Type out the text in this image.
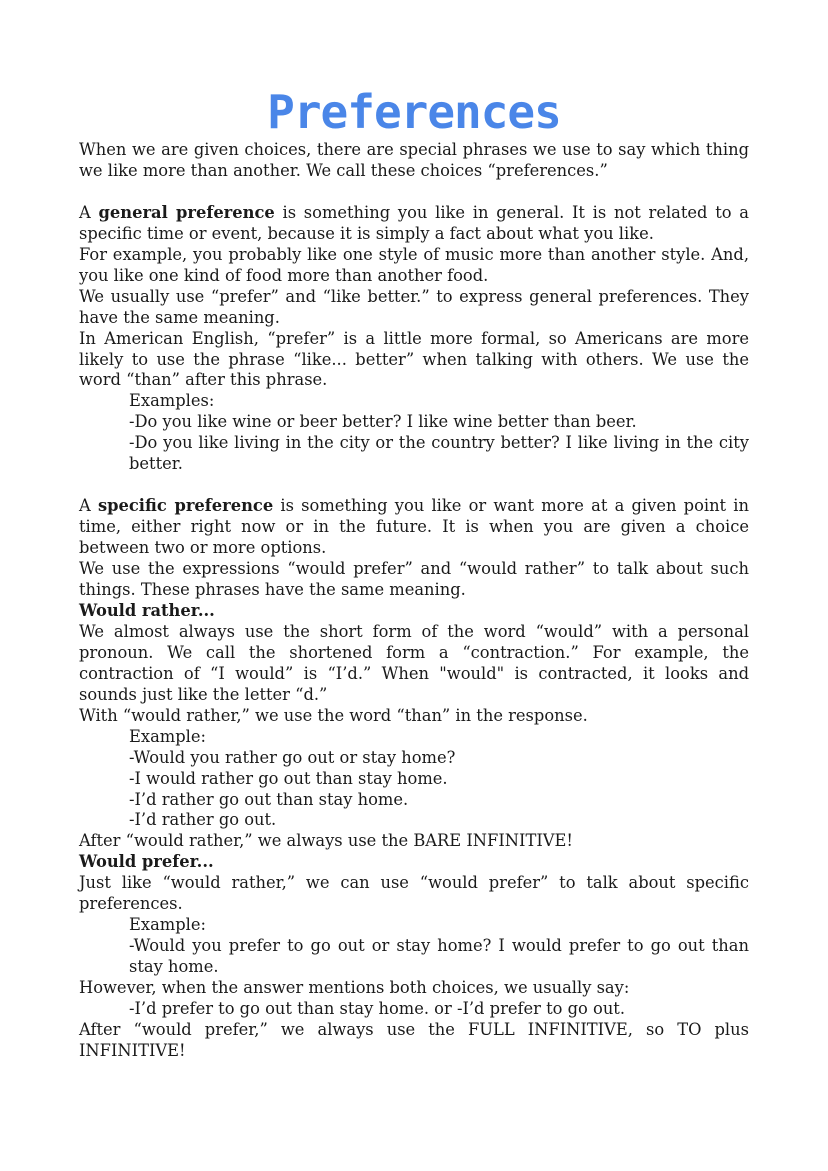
Preferences

When we are given choices, there are special phrases we use to say which thing we like more than another. We call these choices “preferences.”

A general preference is something you like in general. It is not related to a specific time or event, because it is simply a fact about what you like.

For example, you probably like one style of music more than another style. And, you like one kind of food more than another food.

We usually use “prefer” and “like better.” to express general preferences. They have the same meaning.

In American English, “prefer” is a little more formal, so Americans are more likely to use the phrase “like... better” when talking with others. We use the word “than” after this phrase.

Examples:

-Do you like wine or beer better? I like wine better than beer.

-Do you like living in the city or the country better? I like living in the city better.

A specific preference is something you like or want more at a given point in time, either right now or in the future. It is when you are given a choice between two or more options.

We use the expressions “would prefer” and “would rather” to talk about such things. These phrases have the same meaning.

Would rather...

We almost always use the short form of the word “would” with a personal pronoun. We call the shortened form a “contraction.” For example, the contraction of “I would” is “I’d.” When "would" is contracted, it looks and sounds just like the letter “d.”

With “would rather,” we use the word “than” in the response.

Example:

-Would you rather go out or stay home?

-I would rather go out than stay home.

-I’d rather go out than stay home.

-I’d rather go out.

After “would rather,” we always use the BARE INFINITIVE!

Would prefer...

Just like “would rather,” we can use “would prefer” to talk about specific preferences.

Example:

-Would you prefer to go out or stay home? I would prefer to go out than stay home.

However, when the answer mentions both choices, we usually say:

-I’d prefer to go out than stay home. or -I’d prefer to go out.

After “would prefer,” we always use the FULL INFINITIVE, so TO plus INFINITIVE!
